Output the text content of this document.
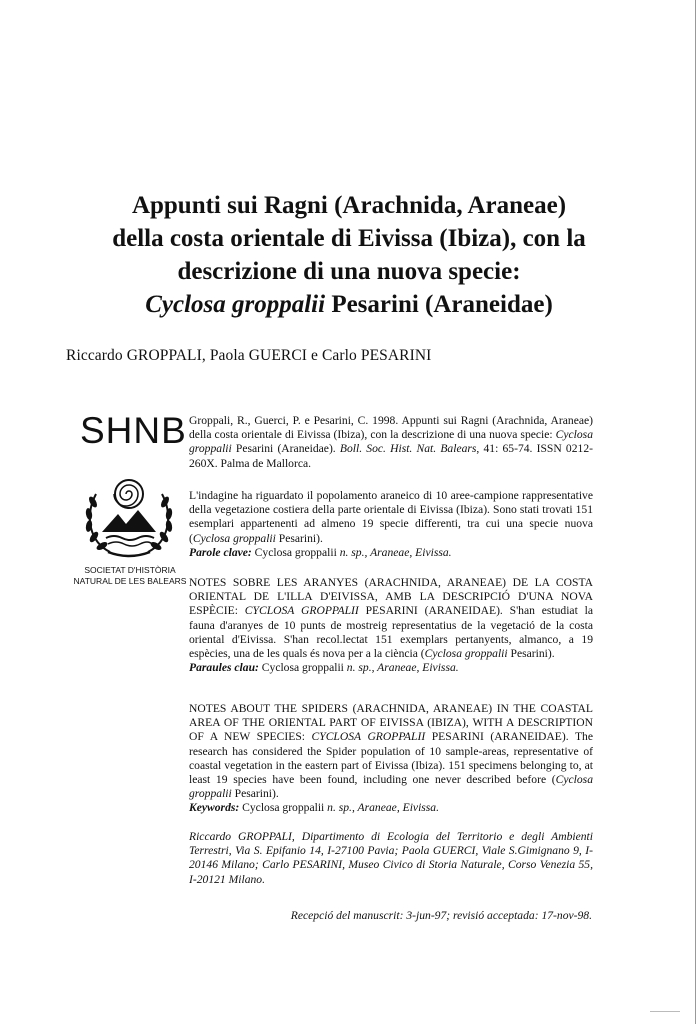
Appunti sui Ragni (Arachnida, Araneae)
della costa orientale di Eivissa (Ibiza), con la
descrizione di una nuova specie:
Cyclosa groppalii Pesarini (Araneidae)
Riccardo GROPPALI, Paola GUERCI e Carlo PESARINI
SHNB
SOCIETAT D'HISTÒRIA
NATURAL DE LES BALEARS

Groppali, R., Guerci, P. e Pesarini, C. 1998. Appunti sui Ragni (Arachnida, Araneae) della costa orientale di Eivissa (Ibiza), con la descrizione di una nuova specie: Cyclosa groppalii Pesarini (Araneidae). Boll. Soc. Hist. Nat. Balears, 41: 65-74. ISSN 0212-260X. Palma de Mallorca.

L'indagine ha riguardato il popolamento araneico di 10 aree-campione rappresentative della vegetazione costiera della parte orientale di Eivissa (Ibiza). Sono stati trovati 151 esemplari appartenenti ad almeno 19 specie differenti, tra cui una specie nuova (Cyclosa groppalii Pesarini).

Parole clave: Cyclosa groppalii n. sp., Araneae, Eivissa.

NOTES SOBRE LES ARANYES (ARACHNIDA, ARANEAE) DE LA COSTA ORIENTAL DE L'ILLA D'EIVISSA, AMB LA DESCRIPCIÓ D'UNA NOVA ESPÈCIE: CYCLOSA GROPPALII PESARINI (ARANEIDAE). S'han estudiat la fauna d'aranyes de 10 punts de mostreig representatius de la vegetació de la costa oriental d'Eivissa. S'han recol.lectat 151 exemplars pertanyents, almanco, a 19 espècies, una de les quals és nova per a la ciència (Cyclosa groppalii Pesarini).

Paraules clau: Cyclosa groppalii n. sp., Araneae, Eivissa.

NOTES ABOUT THE SPIDERS (ARACHNIDA, ARANEAE) IN THE COASTAL AREA OF THE ORIENTAL PART OF EIVISSA (IBIZA), WITH A DESCRIPTION OF A NEW SPECIES: CYCLOSA GROPPALII PESARINI (ARANEIDAE). The research has considered the Spider population of 10 sample-areas, representative of coastal vegetation in the eastern part of Eivissa (Ibiza). 151 specimens belonging to, at least 19 species have been found, including one never described before (Cyclosa groppalii Pesarini).

Keywords: Cyclosa groppalii n. sp., Araneae, Eivissa.

Riccardo GROPPALI, Dipartimento di Ecologia del Territorio e degli Ambienti Terrestri, Via S. Epifanio 14, I-27100 Pavia; Paola GUERCI, Viale S.Gimignano 9, I-20146 Milano; Carlo PESARINI, Museo Civico di Storia Naturale, Corso Venezia 55, I-20121 Milano.
Recepció del manuscrit: 3-jun-97; revisió acceptada: 17-nov-98.
